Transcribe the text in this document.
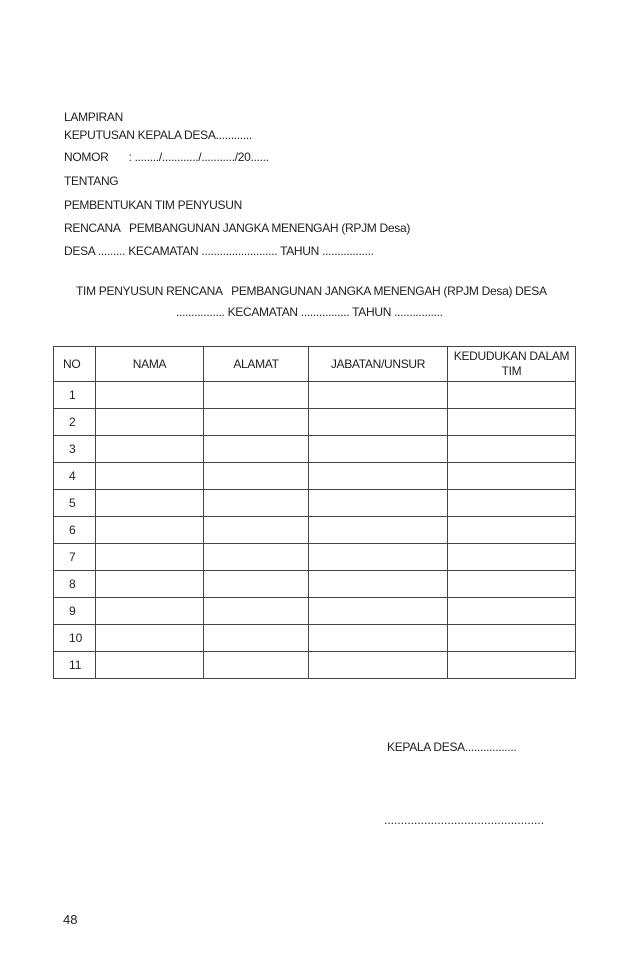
LAMPIRAN
KEPUTUSAN KEPALA DESA............
NOMOR : ......../............/.........../20......
TENTANG
PEMBENTUKAN TIM PENYUSUN
RENCANA   PEMBANGUNAN JANGKA MENENGAH (RPJM Desa)
DESA ......... KECAMATAN ......................... TAHUN .................
TIM PENYUSUN RENCANA   PEMBANGUNAN JANGKA MENENGAH (RPJM Desa) DESA
................ KECAMATAN ................ TAHUN ................
NO	NAMA	ALAMAT	JABATAN/UNSUR	KEDUDUKAN DALAM TIM
1				
2				
3				
4				
5				
6				
7				
8				
9				
10				
11				
KEPALA DESA.................
................................................
48
